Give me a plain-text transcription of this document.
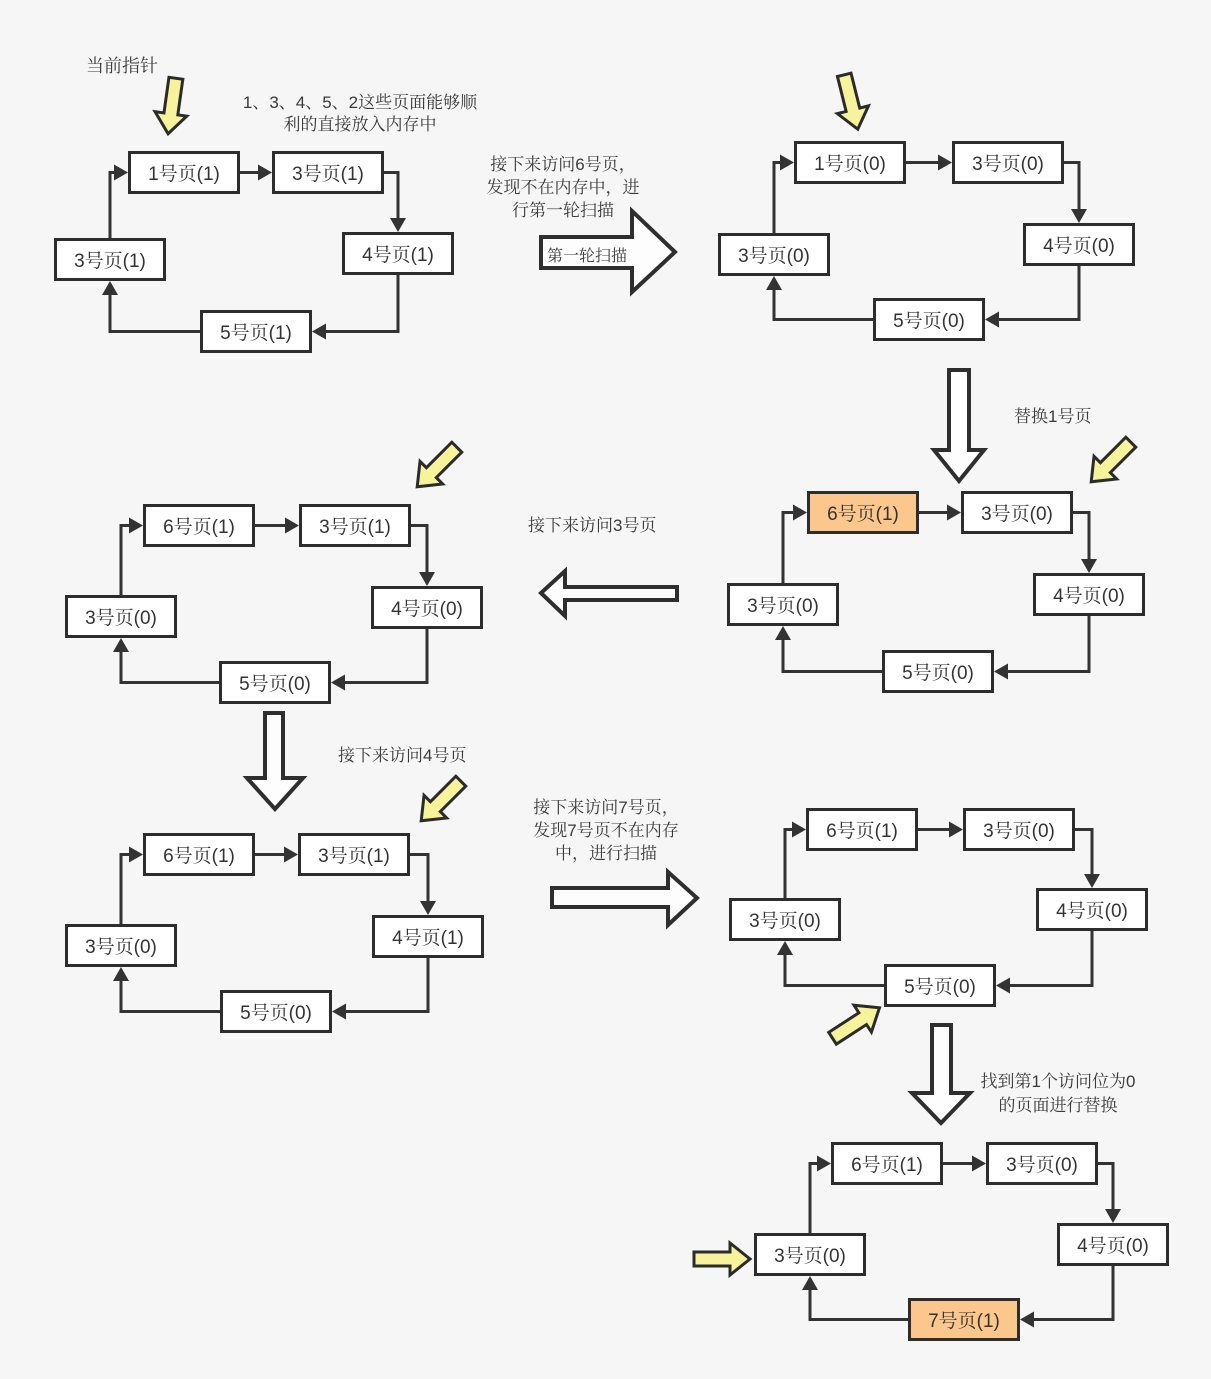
1号页(1)	3号页(1)
4号页(1)
5号页(1)
3号页(1)
1号页(0)	3号页(0)
4号页(0)
5号页(0)
3号页(0)
6号页(1)	3号页(0)
4号页(0)
5号页(0)
3号页(0)
6号页(1)	3号页(1)
4号页(0)
5号页(0)
3号页(0)
6号页(1)	3号页(1)
4号页(1)
5号页(0)
3号页(0)
6号页(1)	3号页(0)
4号页(0)
5号页(0)
3号页(0)
6号页(1)	3号页(0)
4号页(0)
7号页(1)
3号页(0)
当前指针
1、3、4、5、2这些页面能够顺
利的直接放入内存中
接下来访问6号页，
发现不在内存中，进
行第一轮扫描
第一轮扫描
替换1号页
接下来访问3号页
接下来访问4号页
接下来访问7号页，
发现7号页不在内存
中，进行扫描
找到第1个访问位为0
的页面进行替换
